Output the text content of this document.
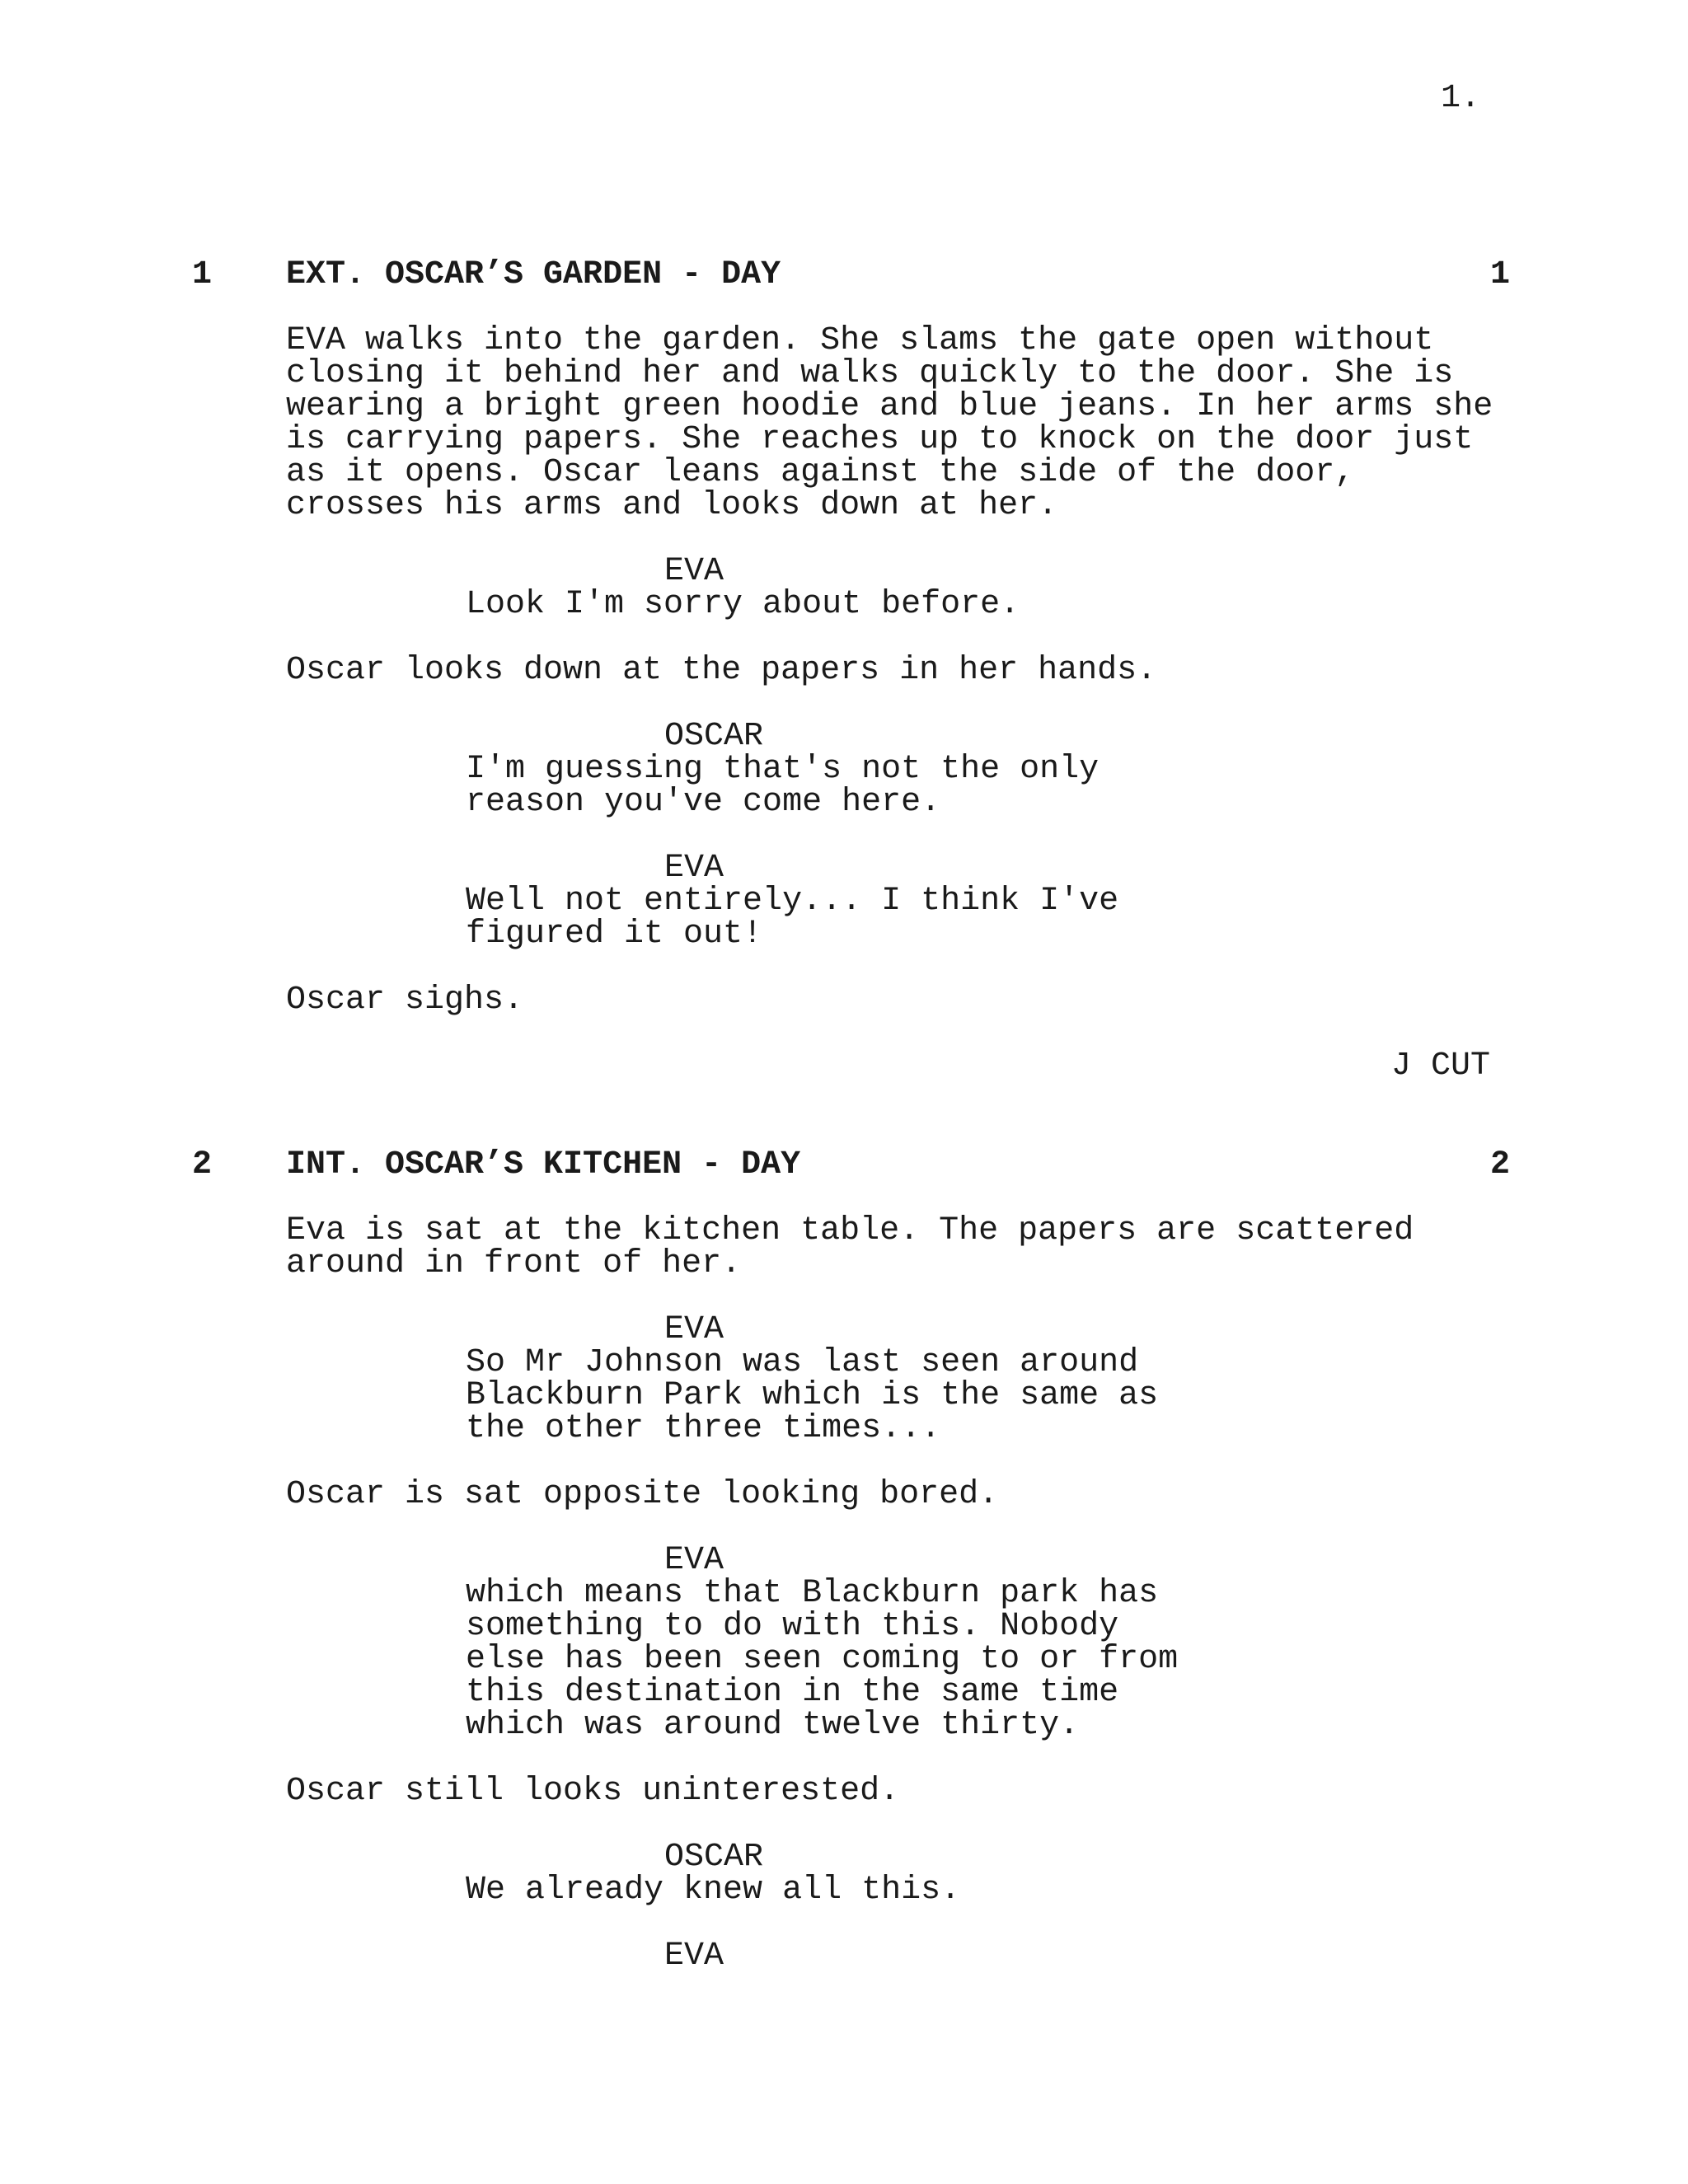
1.
1 EXT. OSCAR’S GARDEN - DAY	1
EVA walks into the garden. She slams the gate open without
closing it behind her and walks quickly to the door. She is
wearing a bright green hoodie and blue jeans. In her arms she
is carrying papers. She reaches up to knock on the door just
as it opens. Oscar leans against the side of the door,
crosses his arms and looks down at her.
EVA
Look I'm sorry about before.
Oscar looks down at the papers in her hands.
OSCAR
I'm guessing that's not the only
reason you've come here.
EVA
Well not entirely... I think I've
figured it out!
Oscar sighs.
J CUT
2 INT. OSCAR’S KITCHEN - DAY	2
Eva is sat at the kitchen table. The papers are scattered
around in front of her.
EVA
So Mr Johnson was last seen around
Blackburn Park which is the same as
the other three times...
Oscar is sat opposite looking bored.
EVA
which means that Blackburn park has
something to do with this. Nobody
else has been seen coming to or from
this destination in the same time
which was around twelve thirty.
Oscar still looks uninterested.
OSCAR
We already knew all this.
EVA
